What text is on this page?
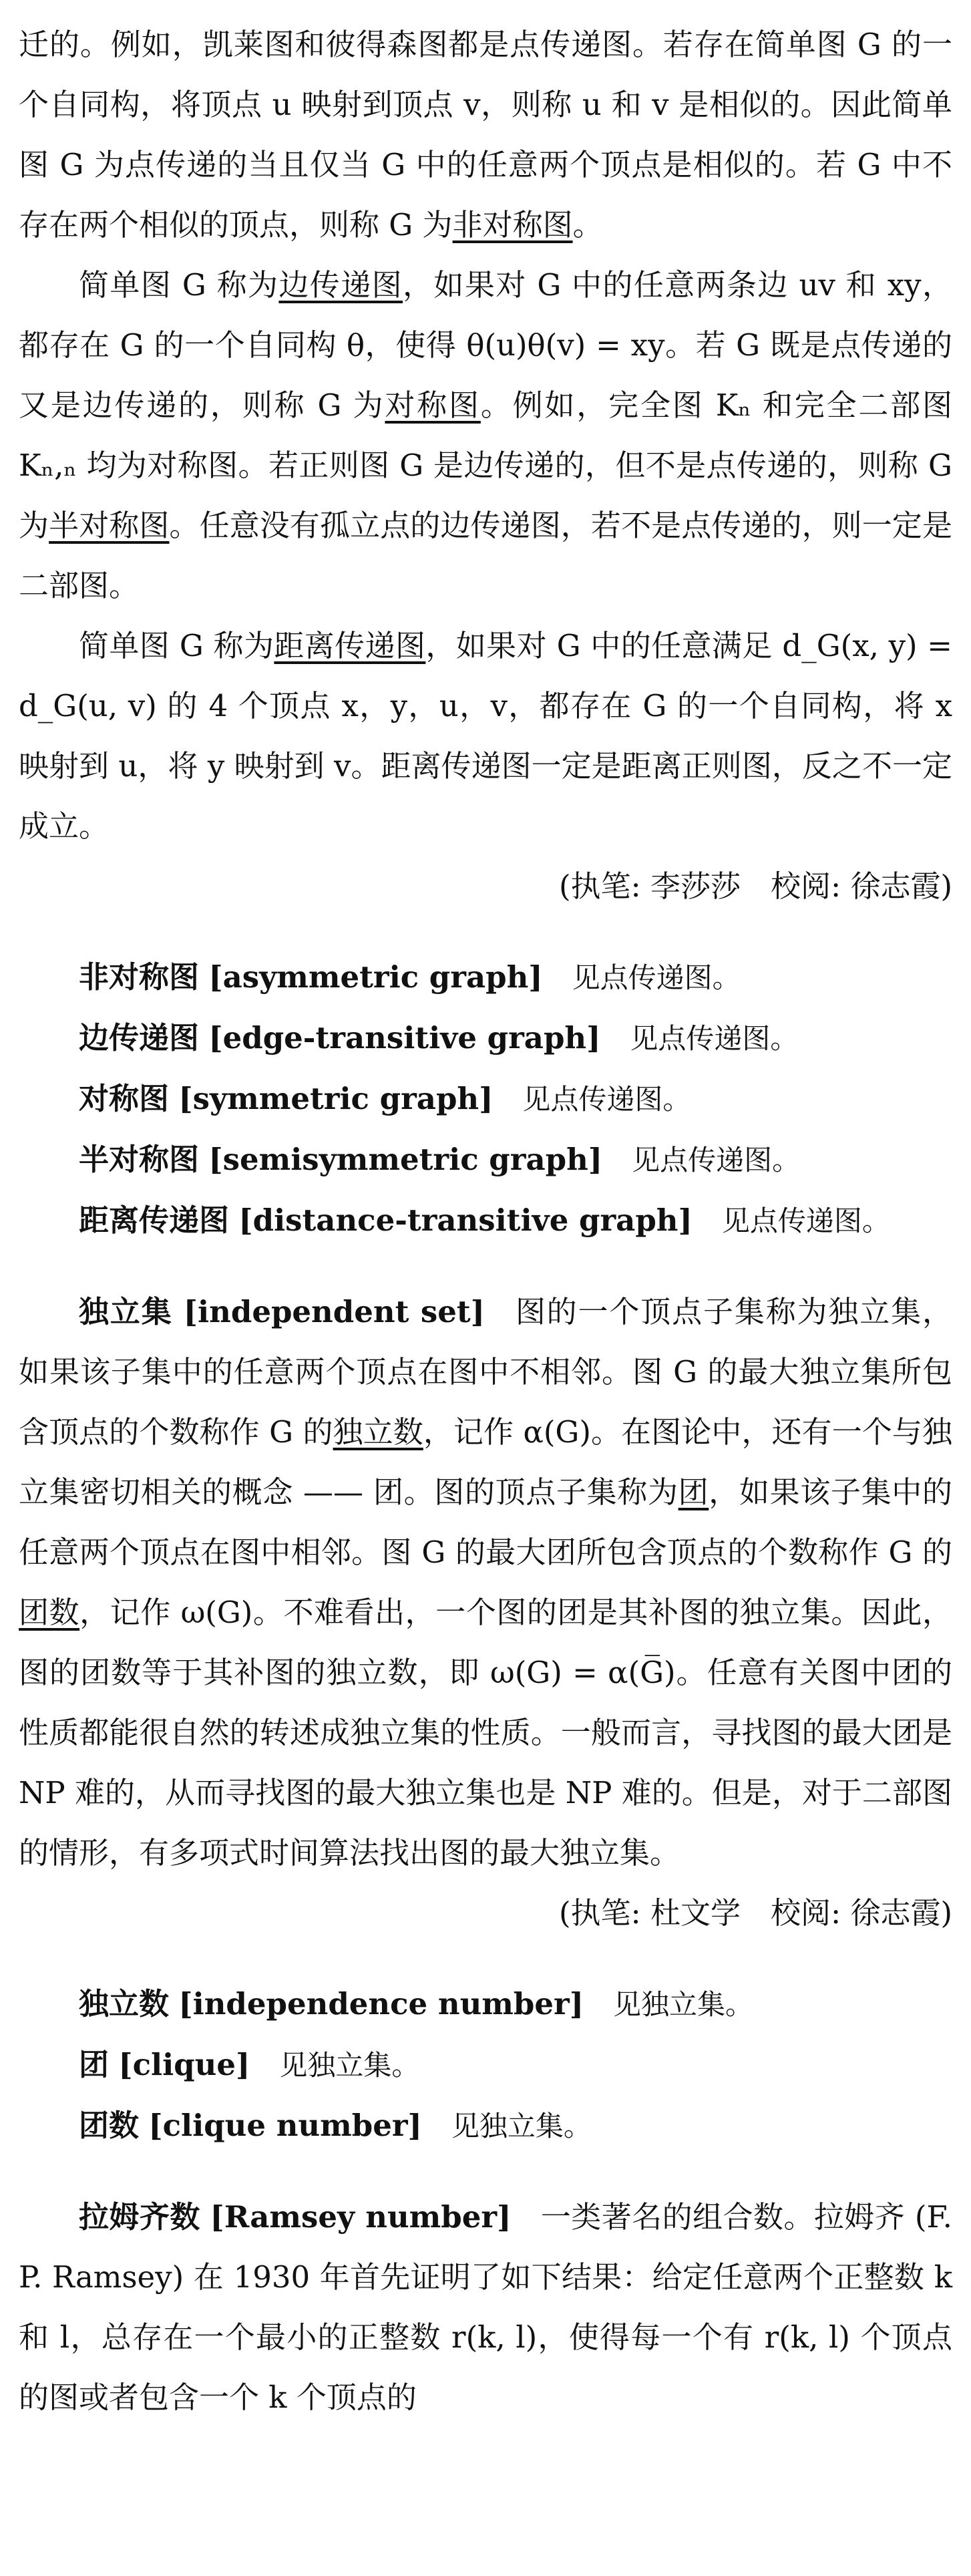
迁的。例如，凯莱图和彼得森图都是点传递图。若存在简单图 G 的一个自同构，将顶点 u 映射到顶点 v，则称 u 和 v 是相似的。因此简单图 G 为点传递的当且仅当 G 中的任意两个顶点是相似的。若 G 中不存在两个相似的顶点，则称 G 为非对称图。

简单图 G 称为边传递图，如果对 G 中的任意两条边 uv 和 xy，都存在 G 的一个自同构 θ，使得 θ(u)θ(v) = xy。若 G 既是点传递的又是边传递的，则称 G 为对称图。例如，完全图 Kₙ 和完全二部图 Kₙ,ₙ 均为对称图。若正则图 G 是边传递的，但不是点传递的，则称 G 为半对称图。任意没有孤立点的边传递图，若不是点传递的，则一定是二部图。

简单图 G 称为距离传递图，如果对 G 中的任意满足 d_G(x, y) = d_G(u, v) 的 4 个顶点 x，y，u，v，都存在 G 的一个自同构，将 x 映射到 u，将 y 映射到 v。距离传递图一定是距离正则图，反之不一定成立。

(执笔: 李莎莎　校阅: 徐志霞)

非对称图 [asymmetric graph] 见点传递图。

边传递图 [edge-transitive graph] 见点传递图。

对称图 [symmetric graph] 见点传递图。

半对称图 [semisymmetric graph] 见点传递图。

距离传递图 [distance-transitive graph] 见点传递图。

独立集 [independent set] 图的一个顶点子集称为独立集，如果该子集中的任意两个顶点在图中不相邻。图 G 的最大独立集所包含顶点的个数称作 G 的独立数，记作 α(G)。在图论中，还有一个与独立集密切相关的概念 —— 团。图的顶点子集称为团，如果该子集中的任意两个顶点在图中相邻。图 G 的最大团所包含顶点的个数称作 G 的团数，记作 ω(G)。不难看出，一个图的团是其补图的独立集。因此，图的团数等于其补图的独立数，即 ω(G) = α(G̅)。任意有关图中团的性质都能很自然的转述成独立集的性质。一般而言，寻找图的最大团是 NP 难的，从而寻找图的最大独立集也是 NP 难的。但是，对于二部图的情形，有多项式时间算法找出图的最大独立集。

(执笔: 杜文学　校阅: 徐志霞)

独立数 [independence number] 见独立集。

团 [clique] 见独立集。

团数 [clique number] 见独立集。

拉姆齐数 [Ramsey number] 一类著名的组合数。拉姆齐 (F. P. Ramsey) 在 1930 年首先证明了如下结果：给定任意两个正整数 k 和 l，总存在一个最小的正整数 r(k, l)，使得每一个有 r(k, l) 个顶点的图或者包含一个 k 个顶点的
